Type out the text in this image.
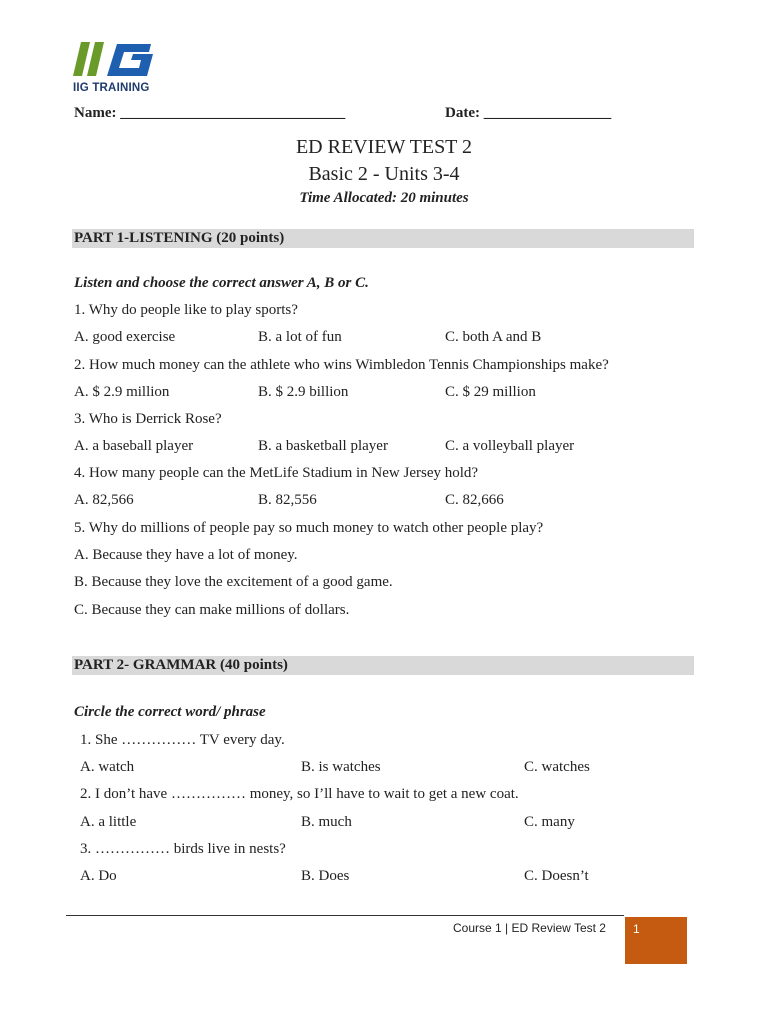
IIG TRAINING
Name: ______________________________	Date: _________________
ED REVIEW TEST 2
Basic 2 - Units 3-4
Time Allocated: 20 minutes
PART 1-LISTENING (20 points)
Listen and choose the correct answer A, B or C.
1. Why do people like to play sports?
A. good exercise	B. a lot of fun	C. both A and B
2. How much money can the athlete who wins Wimbledon Tennis Championships make?
A. $ 2.9 million	B. $ 2.9 billion	C. $ 29 million
3. Who is Derrick Rose?
A. a baseball player	B. a basketball player	C. a volleyball player
4. How many people can the MetLife Stadium in New Jersey hold?
A. 82,566	B. 82,556	C. 82,666
5. Why do millions of people pay so much money to watch other people play?
A. Because they have a lot of money.
B. Because they love the excitement of a good game.
C. Because they can make millions of dollars.
PART 2- GRAMMAR (40 points)
Circle the correct word/ phrase
1. She …………… TV every day.
A. watch	B. is watches	C. watches
2. I don’t have …………… money, so I’ll have to wait to get a new coat.
A. a little	B. much	C. many
3. …………… birds live in nests?
A. Do	B. Does	C. Doesn’t
Course 1 | ED Review Test 2	1
